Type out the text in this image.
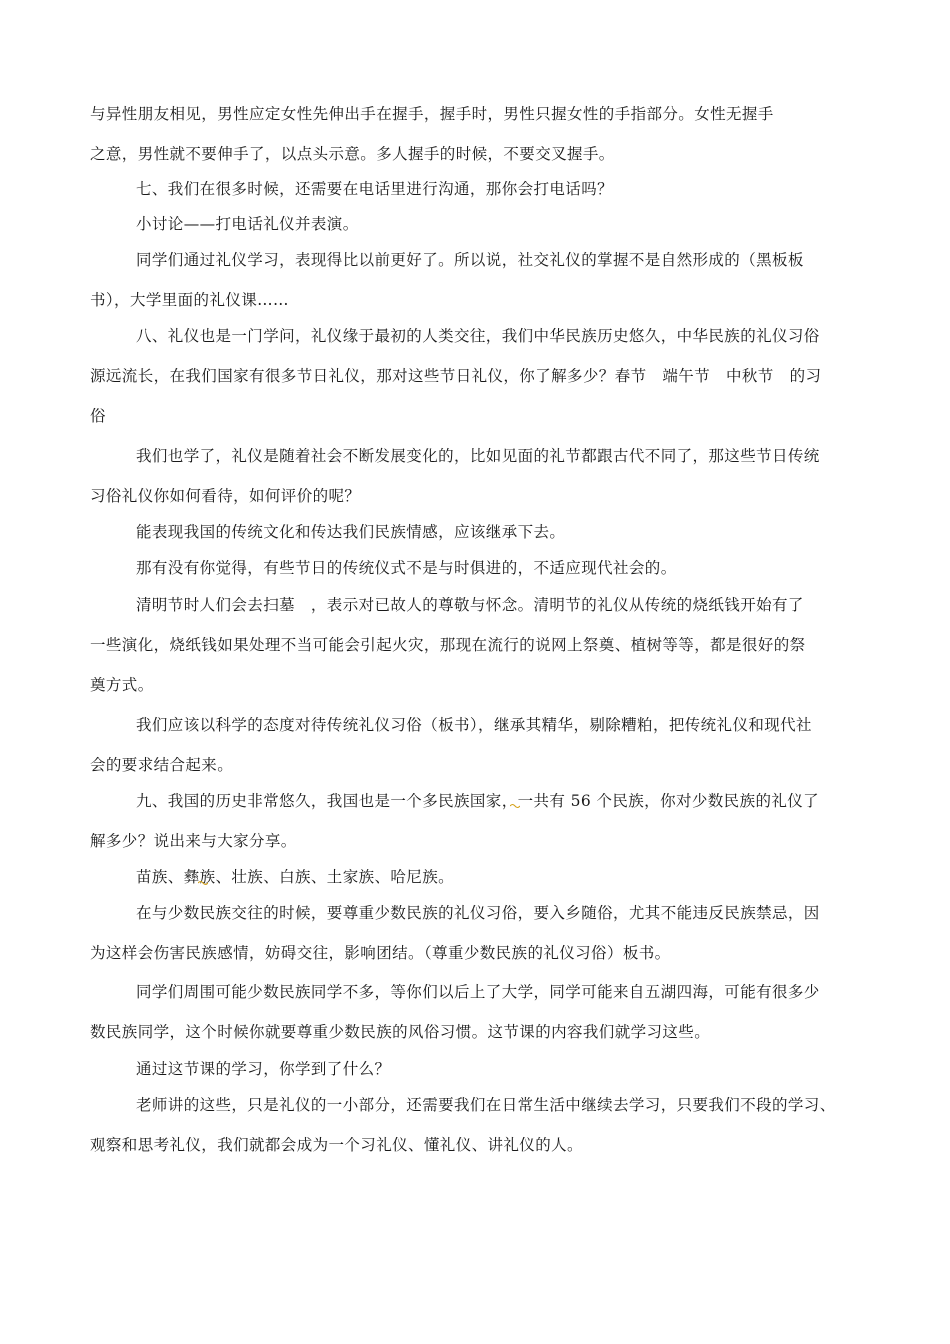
与异性朋友相见，男性应定女性先伸出手在握手，握手时，男性只握女性的手指部分。女性无握手
之意，男性就不要伸手了，以点头示意。多人握手的时候，不要交叉握手。
七、我们在很多时候，还需要在电话里进行沟通，那你会打电话吗？
小讨论——打电话礼仪并表演。
同学们通过礼仪学习，表现得比以前更好了。所以说，社交礼仪的掌握不是自然形成的（黑板板
书），大学里面的礼仪课……
八、礼仪也是一门学问，礼仪缘于最初的人类交往，我们中华民族历史悠久，中华民族的礼仪习俗
源远流长，在我们国家有很多节日礼仪，那对这些节日礼仪，你了解多少？春节　端午节　中秋节　的习
俗
我们也学了，礼仪是随着社会不断发展变化的，比如见面的礼节都跟古代不同了，那这些节日传统
习俗礼仪你如何看待，如何评价的呢？
能表现我国的传统文化和传达我们民族情感，应该继承下去。
那有没有你觉得，有些节日的传统仪式不是与时俱进的，不适应现代社会的。
清明节时人们会去扫墓　，表示对已故人的尊敬与怀念。清明节的礼仪从传统的烧纸钱开始有了
一些演化，烧纸钱如果处理不当可能会引起火灾，那现在流行的说网上祭奠、植树等等，都是很好的祭
奠方式。
我们应该以科学的态度对待传统礼仪习俗（板书），继承其精华，剔除糟粕，把传统礼仪和现代社
会的要求结合起来。
九、我国的历史非常悠久，我国也是一个多民族国家，一共有 56 个民族，你对少数民族的礼仪了
解多少？说出来与大家分享。
苗族、彝族、壮族、白族、土家族、哈尼族。
在与少数民族交往的时候，要尊重少数民族的礼仪习俗，要入乡随俗，尤其不能违反民族禁忌，因
为这样会伤害民族感情，妨碍交往，影响团结。（尊重少数民族的礼仪习俗）板书。
同学们周围可能少数民族同学不多，等你们以后上了大学，同学可能来自五湖四海，可能有很多少
数民族同学，这个时候你就要尊重少数民族的风俗习惯。这节课的内容我们就学习这些。
通过这节课的学习，你学到了什么？
老师讲的这些，只是礼仪的一小部分，还需要我们在日常生活中继续去学习，只要我们不段的学习、
观察和思考礼仪，我们就都会成为一个习礼仪、懂礼仪、讲礼仪的人。
